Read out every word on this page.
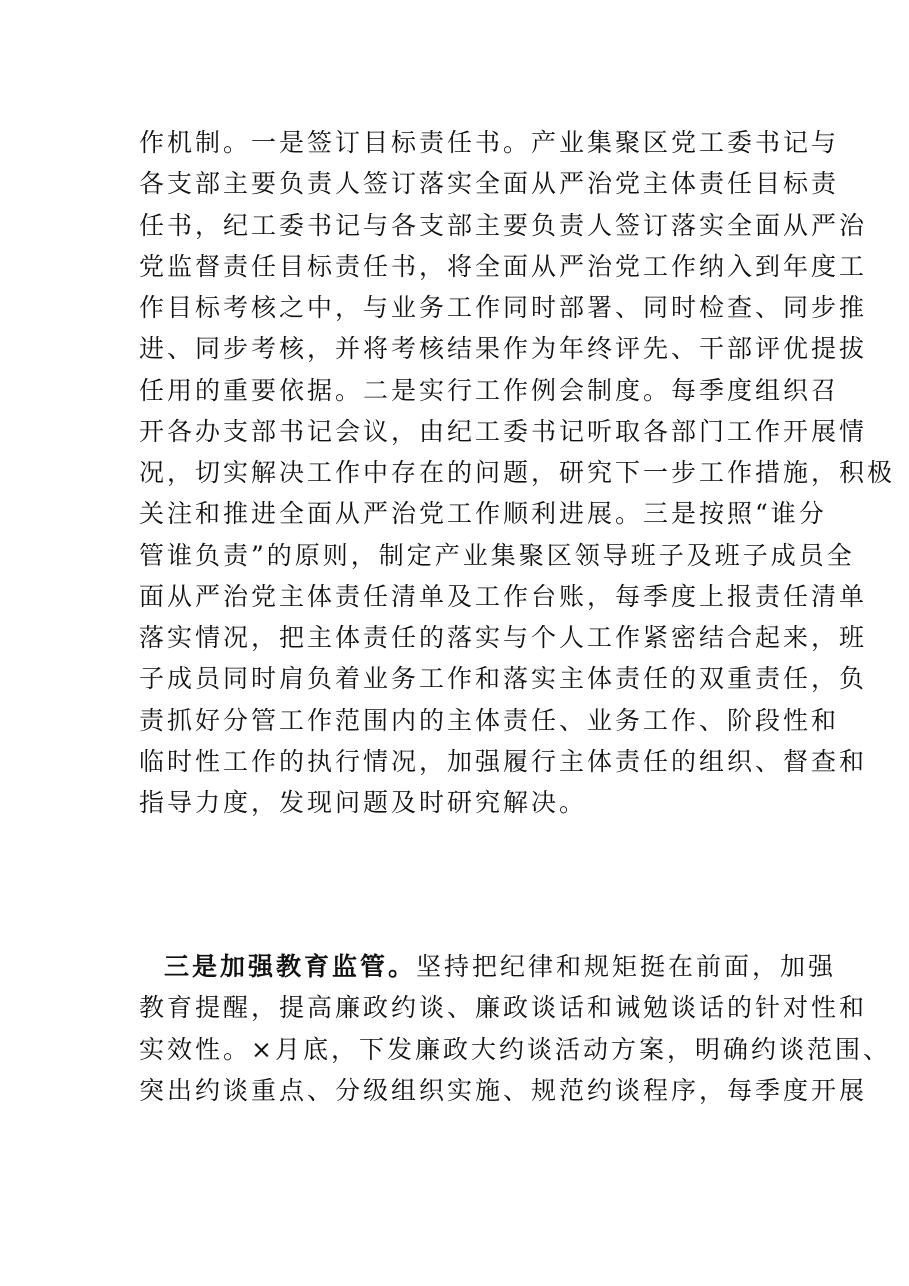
作机制。一是签订目标责任书。产业集聚区党工委书记与
各支部主要负责人签订落实全面从严治党主体责任目标责
任书，纪工委书记与各支部主要负责人签订落实全面从严治
党监督责任目标责任书，将全面从严治党工作纳入到年度工
作目标考核之中，与业务工作同时部署、同时检查、同步推
进、同步考核，并将考核结果作为年终评先、干部评优提拔
任用的重要依据。二是实行工作例会制度。每季度组织召
开各办支部书记会议，由纪工委书记听取各部门工作开展情
况，切实解决工作中存在的问题，研究下一步工作措施，积极
关注和推进全面从严治党工作顺利进展。三是按照“谁分
管谁负责”的原则，制定产业集聚区领导班子及班子成员全
面从严治党主体责任清单及工作台账，每季度上报责任清单
落实情况，把主体责任的落实与个人工作紧密结合起来，班
子成员同时肩负着业务工作和落实主体责任的双重责任，负
责抓好分管工作范围内的主体责任、业务工作、阶段性和
临时性工作的执行情况，加强履行主体责任的组织、督查和
指导力度，发现问题及时研究解决。
三是加强教育监管。坚持把纪律和规矩挺在前面，加强
教育提醒，提高廉政约谈、廉政谈话和诫勉谈话的针对性和
实效性。×月底，下发廉政大约谈活动方案，明确约谈范围、
突出约谈重点、分级组织实施、规范约谈程序，每季度开展
